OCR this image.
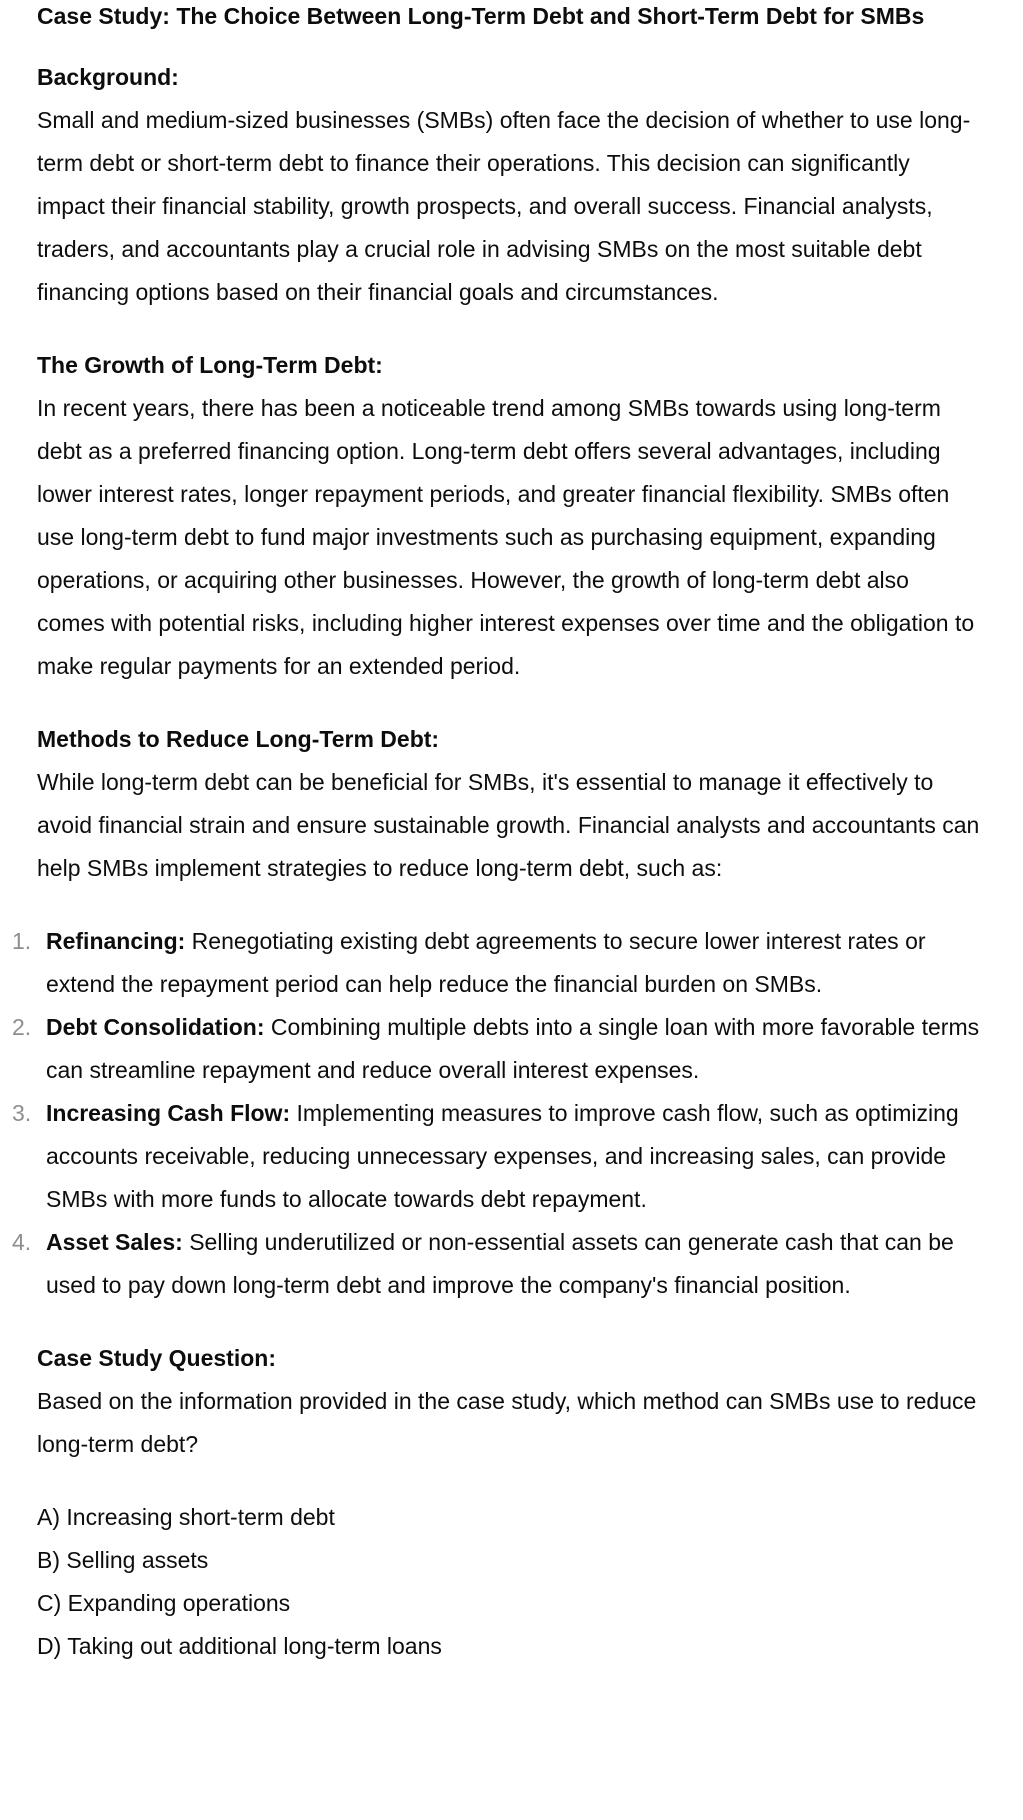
Case Study: The Choice Between Long-Term Debt and Short-Term Debt for SMBs

Background:

Small and medium-sized businesses (SMBs) often face the decision of whether to use long-term debt or short-term debt to finance their operations. This decision can significantly impact their financial stability, growth prospects, and overall success. Financial analysts, traders, and accountants play a crucial role in advising SMBs on the most suitable debt financing options based on their financial goals and circumstances.

The Growth of Long-Term Debt:

In recent years, there has been a noticeable trend among SMBs towards using long-term debt as a preferred financing option. Long-term debt offers several advantages, including lower interest rates, longer repayment periods, and greater financial flexibility. SMBs often use long-term debt to fund major investments such as purchasing equipment, expanding operations, or acquiring other businesses. However, the growth of long-term debt also comes with potential risks, including higher interest expenses over time and the obligation to make regular payments for an extended period.

Methods to Reduce Long-Term Debt:

While long-term debt can be beneficial for SMBs, it's essential to manage it effectively to avoid financial strain and ensure sustainable growth. Financial analysts and accountants can help SMBs implement strategies to reduce long-term debt, such as:

1. Refinancing: Renegotiating existing debt agreements to secure lower interest rates or extend the repayment period can help reduce the financial burden on SMBs.
2. Debt Consolidation: Combining multiple debts into a single loan with more favorable terms can streamline repayment and reduce overall interest expenses.
3. Increasing Cash Flow: Implementing measures to improve cash flow, such as optimizing accounts receivable, reducing unnecessary expenses, and increasing sales, can provide SMBs with more funds to allocate towards debt repayment.
4. Asset Sales: Selling underutilized or non-essential assets can generate cash that can be used to pay down long-term debt and improve the company's financial position.

Case Study Question:

Based on the information provided in the case study, which method can SMBs use to reduce long-term debt?

A) Increasing short-term debt

B) Selling assets

C) Expanding operations

D) Taking out additional long-term loans
